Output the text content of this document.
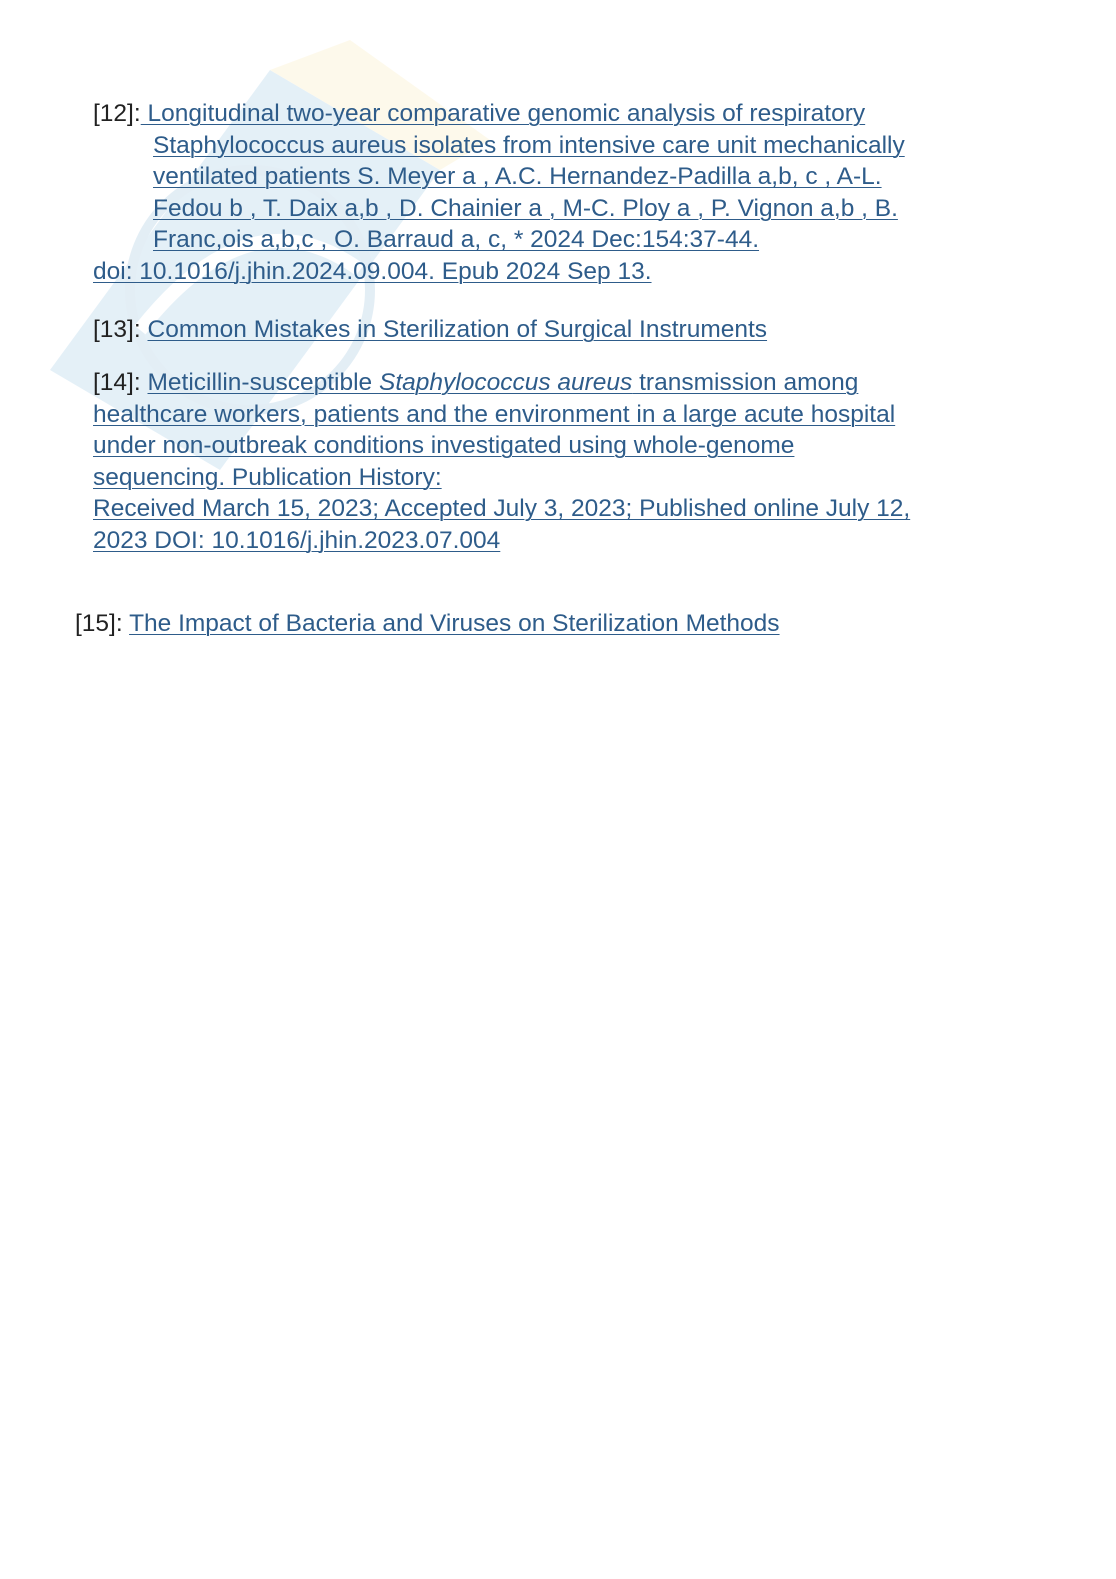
[12]: Longitudinal two-year comparative genomic analysis of respiratory
Staphylococcus aureus isolates from intensive care unit mechanically
ventilated patients S. Meyer a , A.C. Hernandez-Padilla a,b, c , A-L.
Fedou b , T. Daix a,b , D. Chainier a , M-C. Ploy a , P. Vignon a,b , B.
Franc,ois a,b,c , O. Barraud a, c, * 2024 Dec:154:37-44.
doi: 10.1016/j.jhin.2024.09.004. Epub 2024 Sep 13.
[13]: Common Mistakes in Sterilization of Surgical Instruments
[14]: Meticillin-susceptible Staphylococcus aureus transmission among
healthcare workers, patients and the environment in a large acute hospital
under non-outbreak conditions investigated using whole-genome
sequencing. Publication History:
Received March 15, 2023; Accepted July 3, 2023; Published online July 12,
2023 DOI: 10.1016/j.jhin.2023.07.004
[15]: The Impact of Bacteria and Viruses on Sterilization Methods
